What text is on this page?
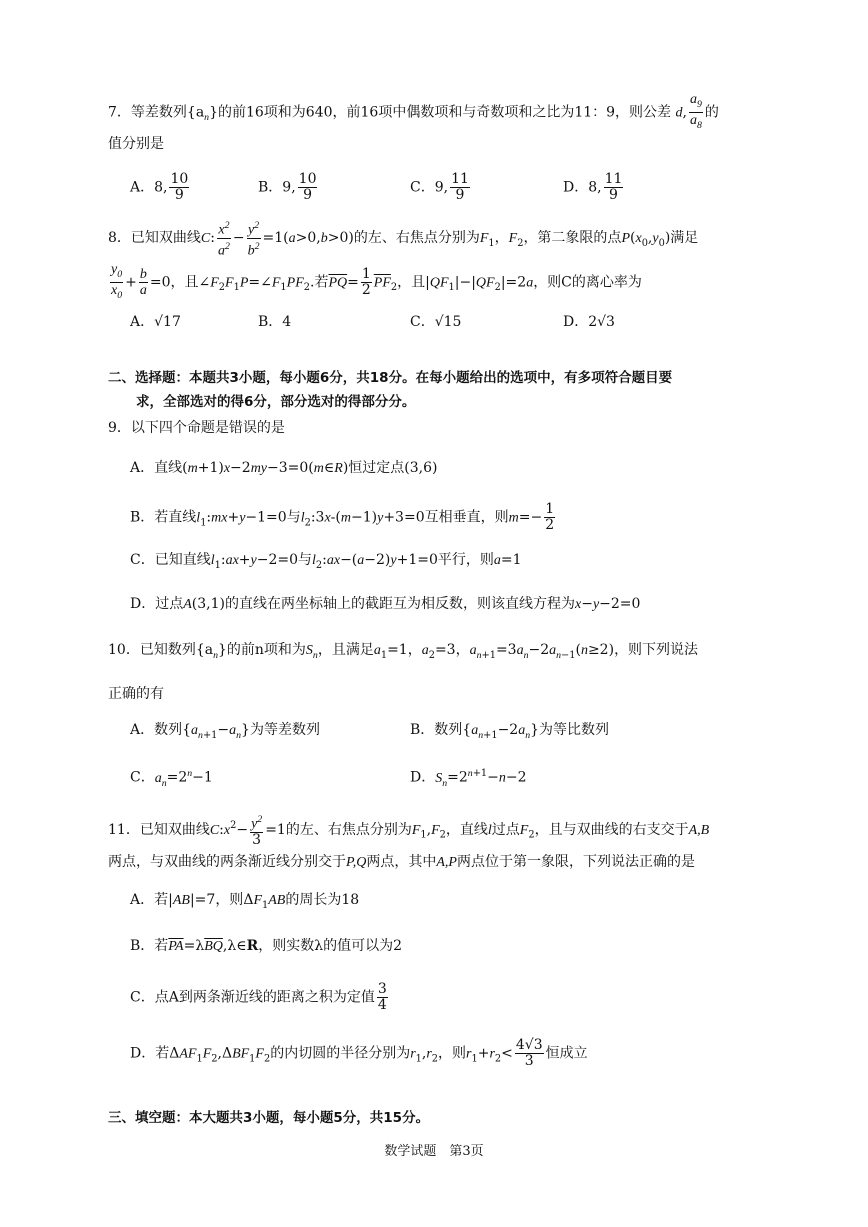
7．等差数列$\{a_n\}$的前16项和为640，前16项中偶数项和与奇数项和之比为11：9，则公差 d, $\frac{a_9}{a_8}$ 的
值分别是
A．8, $\frac{10}{9}$	B．9, $\frac{10}{9}$	C．9, $\frac{11}{9}$	D．8, $\frac{11}{9}$
8．已知双曲线C: $\frac{x^2}{a^2} - \frac{y^2}{b^2} =1(a>0,b>0)$的左、右焦点分别为$F_1$，$F_2$，第二象限的点$P(x_0,y_0)$满足
$\frac{y_0}{x_0} + \frac{b}{a} =0$，且$\angle F_2F_1P=\angle F_1PF_2$.若$\overline{PQ}= \frac{1}{2} \overline{PF}_2$，且$|QF_1|-|QF_2|=2a$，则C的离心率为
A．√17	B．4	C．√15	D．2√3
二、选择题：本题共3小题，每小题6分，共18分。在每小题给出的选项中，有多项符合题目要
求，全部选对的得6分，部分选对的得部分分。
9．以下四个命题是错误的是
A．直线(m+1)x−2my−3=0(m∈R)恒过定点(3,6)
B．若直线$l_1:mx+y-1=0$与$l_2:3x-(m-1)y+3=0$互相垂直，则$m=- \frac{1}{2}$
C．已知直线$l_1:ax+y-2=0$与$l_2:ax-(a-2)y+1=0$平行，则a=1
D．过点A(3,1)的直线在两坐标轴上的截距互为相反数，则该直线方程为x−y−2=0
10．已知数列$\{a_n\}$的前n项和为$S_n$，且满足$a_1=1$，$a_2=3$，$a_{n+1}=3a_n-2a_{n-1}(n\ge 2)$，则下列说法
正确的有
A．数列$\{a_{n+1}-a_n\}$为等差数列	B．数列$\{a_{n+1}-2a_n\}$为等比数列
C．$a_n=2^n-1$	D．$S_n=2^{n+1}-n-2$
11．已知双曲线$C:x^2- \frac{y^2}{3} =1$的左、右焦点分别为$F_1,F_2$，直线l过点$F_2$，且与双曲线的右支交于A,B
两点，与双曲线的两条渐近线分别交于P,Q两点，其中A,P两点位于第一象限，下列说法正确的是
A．若|AB|=7，则$\Delta F_1AB$的周长为18
B．若$\overline{PA}=\lambda\overline{BQ},\lambda\in R$，则实数λ的值可以为2
C．点A到两条渐近线的距离之积为定值 $\frac{3}{4}$
D．若$\Delta AF_1F_2,\Delta BF_1F_2$的内切圆的半径分别为$r_1,r_2$，则$r_1+r_2< \frac{4√3}{3}$ 恒成立
三、填空题：本大题共3小题，每小题5分，共15分。
数学试题　第3页
